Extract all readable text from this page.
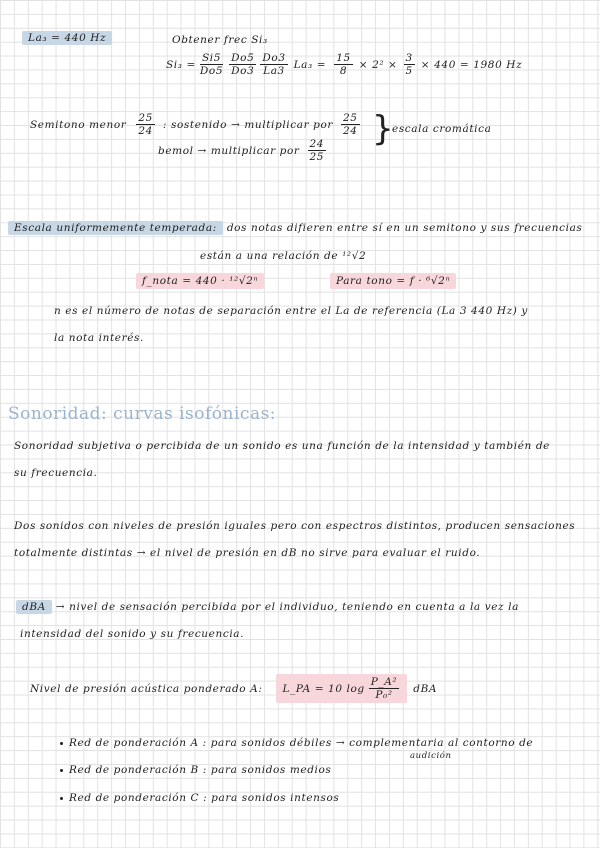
La₃ = 440 Hz	Obtener frec Si₃
$Si_3 = \frac{Si5}{Do5} \frac{Do5}{Do3} \frac{Do3}{La3} La_3 = \frac{15}{8} \times 2^2 \times \frac{3}{5} \times 440 = 1980$ Hz
Semitono menor $\frac{25}{24}$ : sostenido → multiplicar por $\frac{25}{24}$
bemol → multiplicar por $\frac{24}{25}$
}
escala cromática
Escala uniformemente temperada: dos notas difieren entre sí en un semitono y sus frecuencias
están a una relación de ¹²√2
f_nota = 440 · ¹²√2ⁿ	Para tono = f · ⁶√2ⁿ
n es el número de notas de separación entre el La de referencia (La 3 440 Hz) y
la nota interés.
Sonoridad: curvas isofónicas:
Sonoridad subjetiva o percibida de un sonido es una función de la intensidad y también de
su frecuencia.
Dos sonidos con niveles de presión iguales pero con espectros distintos, producen sensaciones
totalmente distintas → el nivel de presión en dB no sirve para evaluar el ruido.
dBA → nivel de sensación percibida por el individuo, teniendo en cuenta a la vez la
intensidad del sonido y su frecuencia.
Nivel de presión acústica ponderado A: L_PA = 10 $\log \frac{\text{P\_A²}}{\text{P₀²}}$ dBA
Red de ponderación A : para sonidos débiles → complementaria al contorno de
audición
Red de ponderación B : para sonidos medios
Red de ponderación C : para sonidos intensos
